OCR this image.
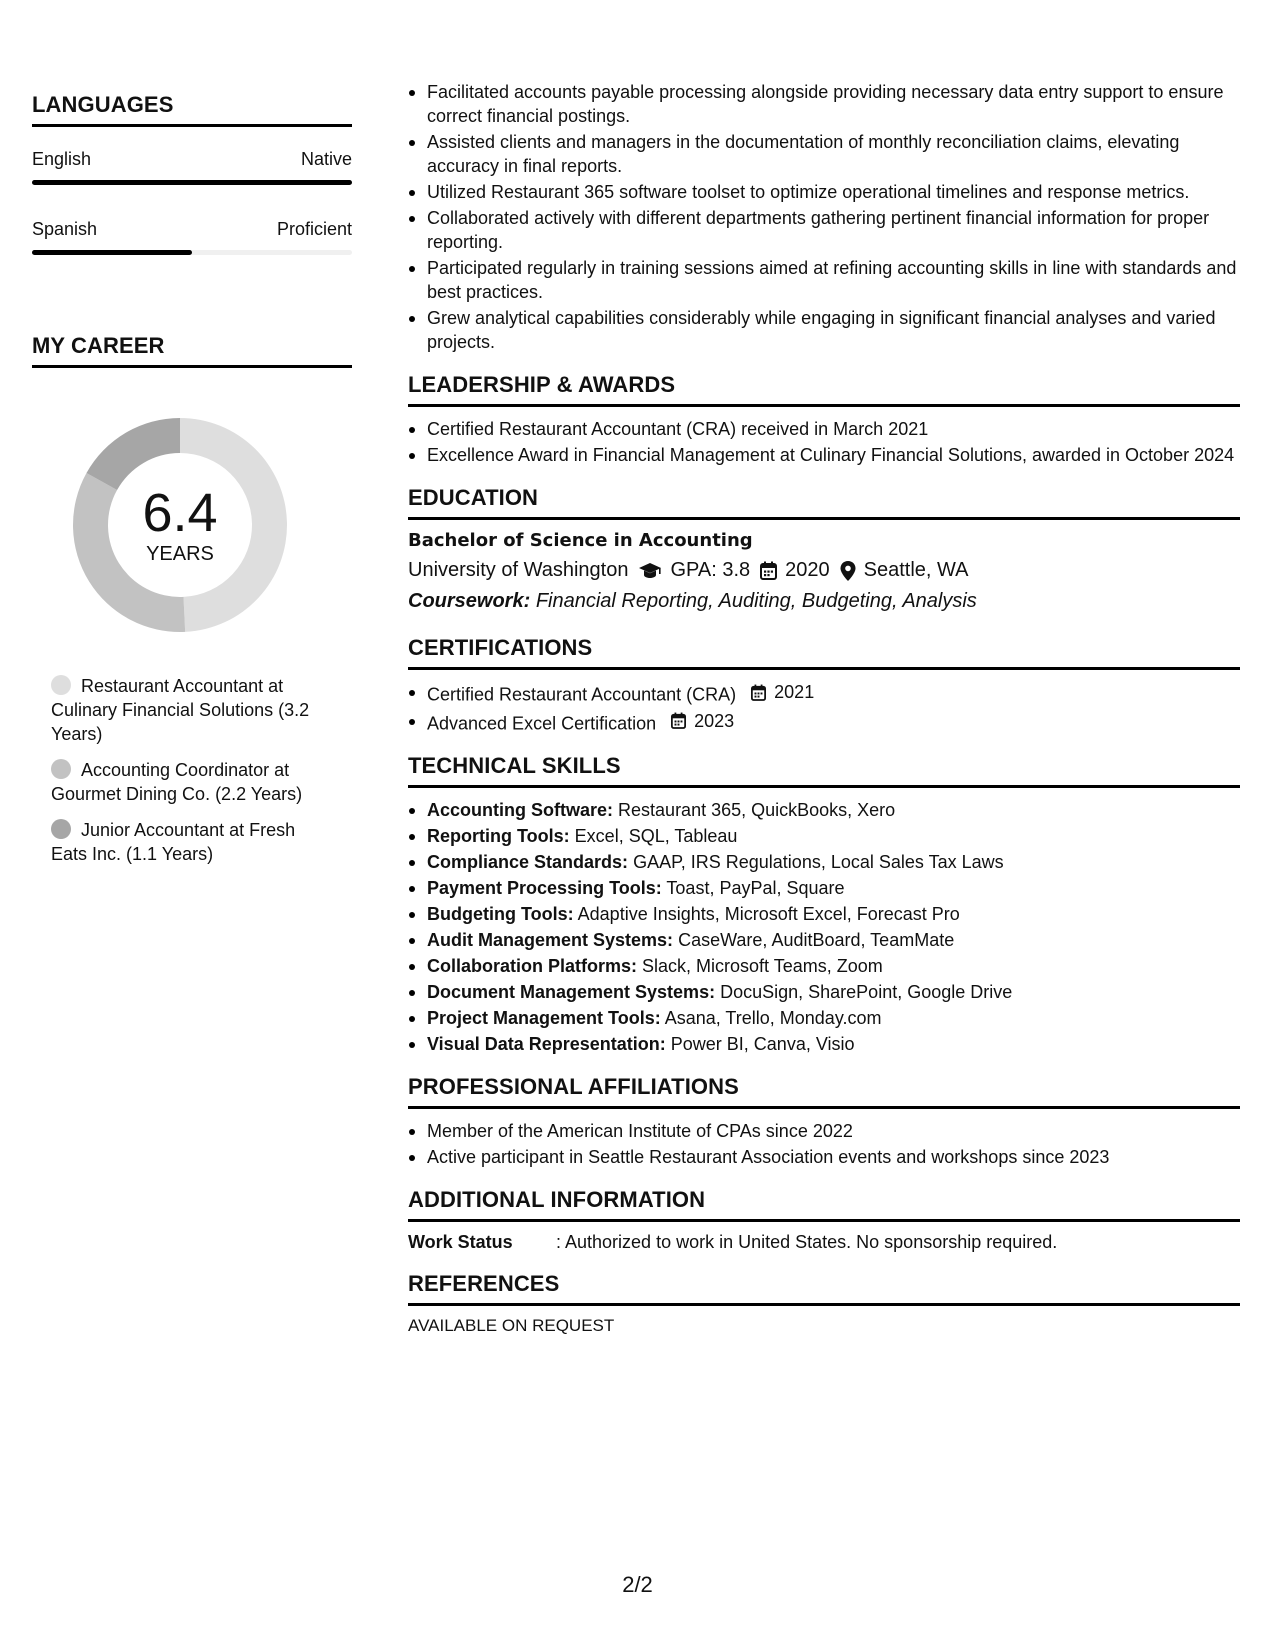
LANGUAGES
English	Native
Spanish	Proficient
MY CAREER
6.4
YEARS
Restaurant Accountant at Culinary Financial Solutions (3.2 Years)
Accounting Coordinator at Gourmet Dining Co. (2.2 Years)
Junior Accountant at Fresh Eats Inc. (1.1 Years)
Facilitated accounts payable processing alongside providing necessary data entry support to ensure correct financial postings.
Assisted clients and managers in the documentation of monthly reconciliation claims, elevating accuracy in final reports.
Utilized Restaurant 365 software toolset to optimize operational timelines and response metrics.
Collaborated actively with different departments gathering pertinent financial information for proper reporting.
Participated regularly in training sessions aimed at refining accounting skills in line with standards and best practices.
Grew analytical capabilities considerably while engaging in significant financial analyses and varied projects.
LEADERSHIP & AWARDS
Certified Restaurant Accountant (CRA) received in March 2021
Excellence Award in Financial Management at Culinary Financial Solutions, awarded in October 2024
EDUCATION
Bachelor of Science in Accounting
University of Washington GPA: 3.8 2020 Seattle, WA
Coursework: Financial Reporting, Auditing, Budgeting, Analysis
CERTIFICATIONS
Certified Restaurant Accountant (CRA) 2021
Advanced Excel Certification 2023
TECHNICAL SKILLS
Accounting Software: Restaurant 365, QuickBooks, Xero
Reporting Tools: Excel, SQL, Tableau
Compliance Standards: GAAP, IRS Regulations, Local Sales Tax Laws
Payment Processing Tools: Toast, PayPal, Square
Budgeting Tools: Adaptive Insights, Microsoft Excel, Forecast Pro
Audit Management Systems: CaseWare, AuditBoard, TeamMate
Collaboration Platforms: Slack, Microsoft Teams, Zoom
Document Management Systems: DocuSign, SharePoint, Google Drive
Project Management Tools: Asana, Trello, Monday.com
Visual Data Representation: Power BI, Canva, Visio
PROFESSIONAL AFFILIATIONS
Member of the American Institute of CPAs since 2022
Active participant in Seattle Restaurant Association events and workshops since 2023
ADDITIONAL INFORMATION
Work Status	: Authorized to work in United States. No sponsorship required.
REFERENCES
AVAILABLE ON REQUEST
2/2
